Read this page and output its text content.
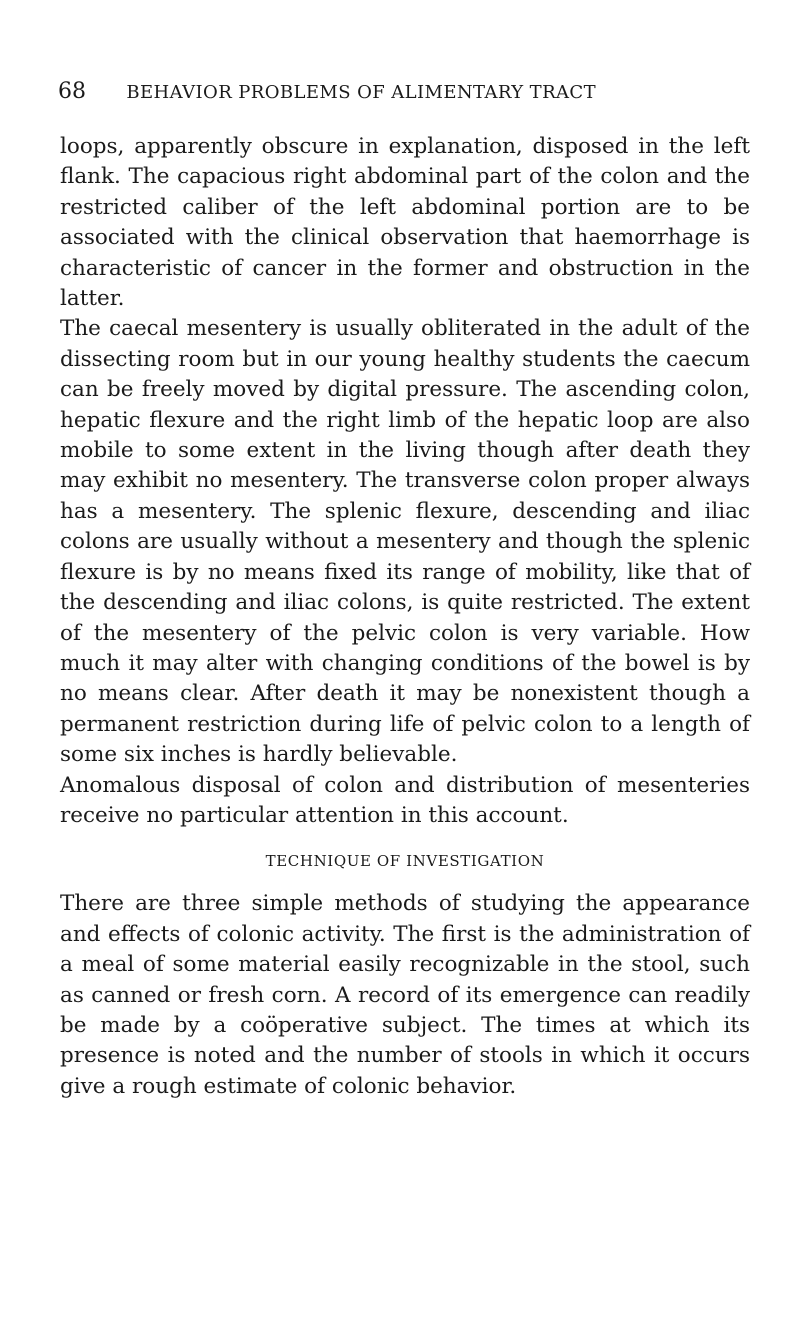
68 BEHAVIOR PROBLEMS OF ALIMENTARY TRACT

loops, apparently obscure in explanation, disposed in the left flank. The capacious right abdominal part of the colon and the restricted caliber of the left abdominal portion are to be associated with the clinical observation that haemorrhage is characteristic of cancer in the former and obstruction in the latter.

The caecal mesentery is usually obliterated in the adult of the dissecting room but in our young healthy students the caecum can be freely moved by digital pressure. The ascending colon, hepatic flexure and the right limb of the hepatic loop are also mobile to some extent in the living though after death they may exhibit no mesentery. The transverse colon proper always has a mesentery. The splenic flexure, descending and iliac colons are usually without a mesentery and though the splenic flexure is by no means fixed its range of mobility, like that of the descending and iliac colons, is quite restricted. The extent of the mesentery of the pelvic colon is very variable. How much it may alter with changing conditions of the bowel is by no means clear. After death it may be nonexistent though a permanent restriction during life of pelvic colon to a length of some six inches is hardly believable.

Anomalous disposal of colon and distribution of mesenteries receive no particular attention in this account.

TECHNIQUE OF INVESTIGATION

There are three simple methods of studying the appearance and effects of colonic activity. The first is the administration of a meal of some material easily recognizable in the stool, such as canned or fresh corn. A record of its emergence can readily be made by a coöperative subject. The times at which its presence is noted and the number of stools in which it occurs give a rough estimate of colonic behavior.
